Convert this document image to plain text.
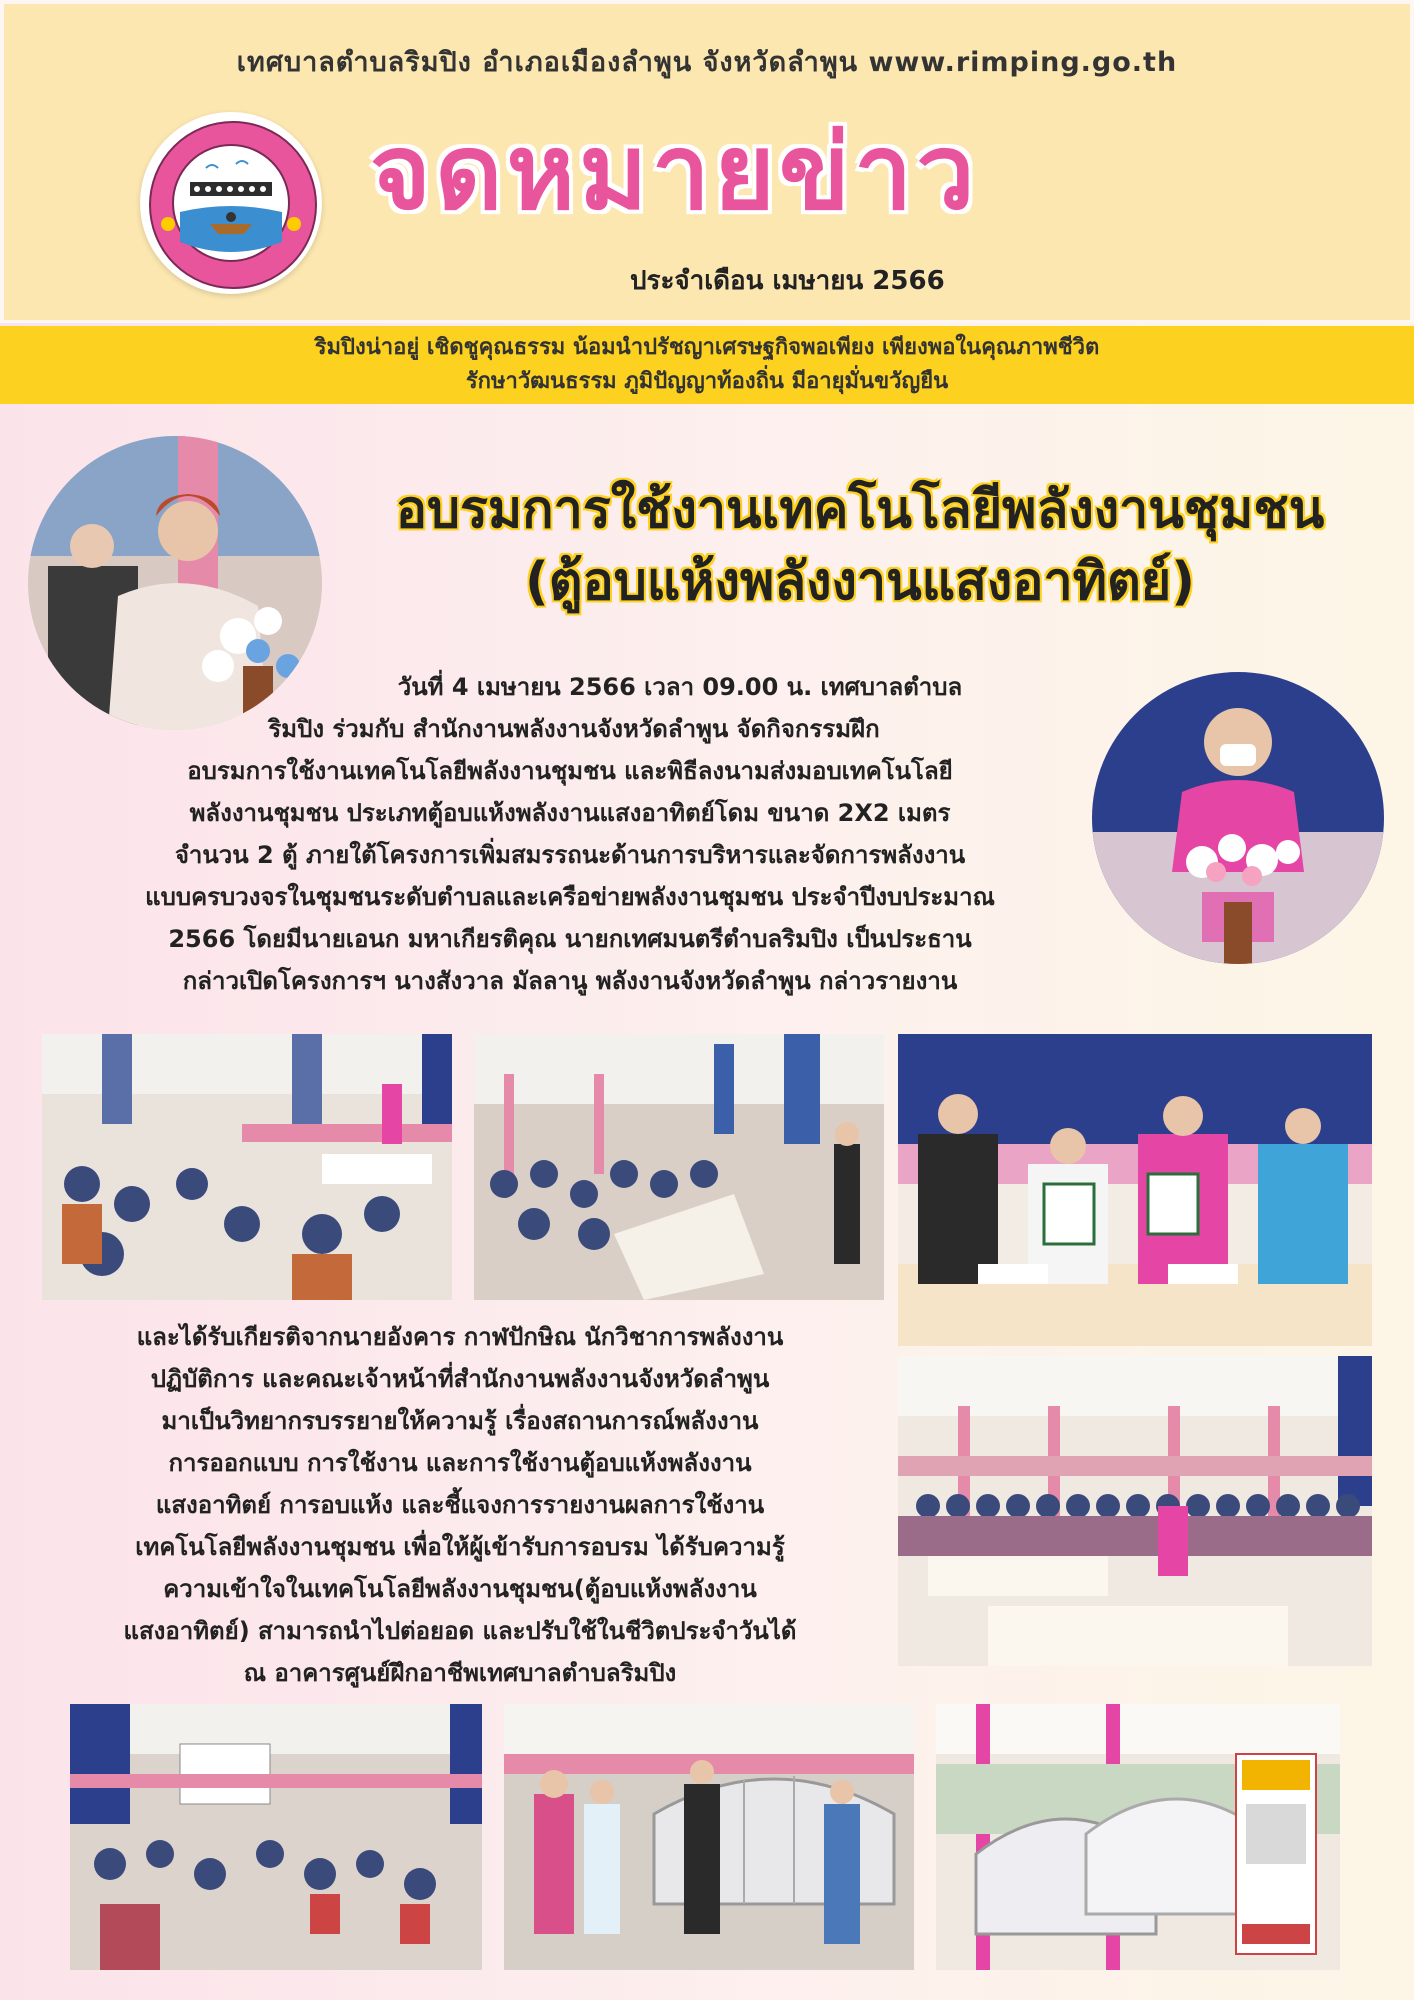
เทศบาลตำบลริมปิง อำเภอเมืองลำพูน จังหวัดลำพูน www.rimping.go.th
จดหมายข่าว
ประจำเดือน เมษายน 2566
ริมปิงน่าอยู่ เชิดชูคุณธรรม น้อมนำปรัชญาเศรษฐกิจพอเพียง เพียงพอในคุณภาพชีวิต
รักษาวัฒนธรรม ภูมิปัญญาท้องถิ่น มีอายุมั่นขวัญยืน
อบรมการใช้งานเทคโนโลยีพลังงานชุมชน
(ตู้อบแห้งพลังงานแสงอาทิตย์)
วันที่ 4 เมษายน 2566 เวลา 09.00 น. เทศบาลตำบล
ริมปิง ร่วมกับ สำนักงานพลังงานจังหวัดลำพูน จัดกิจกรรมฝึก
อบรมการใช้งานเทคโนโลยีพลังงานชุมชน และพิธีลงนามส่งมอบเทคโนโลยี
พลังงานชุมชน ประเภทตู้อบแห้งพลังงานแสงอาทิตย์โดม ขนาด 2X2 เมตร
จำนวน 2 ตู้ ภายใต้โครงการเพิ่มสมรรถนะด้านการบริหารและจัดการพลังงาน
แบบครบวงจรในชุมชนระดับตำบลและเครือข่ายพลังงานชุมชน ประจำปีงบประมาณ
2566 โดยมีนายเอนก มหาเกียรติคุณ นายกเทศมนตรีตำบลริมปิง เป็นประธาน
กล่าวเปิดโครงการฯ นางสังวาล มัลลานู พลังงานจังหวัดลำพูน กล่าวรายงาน
และได้รับเกียรติจากนายอังคาร กาฬปักษิณ นักวิชาการพลังงาน
ปฏิบัติการ และคณะเจ้าหน้าที่สำนักงานพลังงานจังหวัดลำพูน
มาเป็นวิทยากรบรรยายให้ความรู้ เรื่องสถานการณ์พลังงาน
การออกแบบ การใช้งาน และการใช้งานตู้อบแห้งพลังงาน
แสงอาทิตย์ การอบแห้ง และชี้แจงการรายงานผลการใช้งาน
เทคโนโลยีพลังงานชุมชน เพื่อให้ผู้เข้ารับการอบรม ได้รับความรู้
ความเข้าใจในเทคโนโลยีพลังงานชุมชน(ตู้อบแห้งพลังงาน
แสงอาทิตย์) สามารถนำไปต่อยอด และปรับใช้ในชีวิตประจำวันได้
ณ อาคารศูนย์ฝึกอาชีพเทศบาลตำบลริมปิง
